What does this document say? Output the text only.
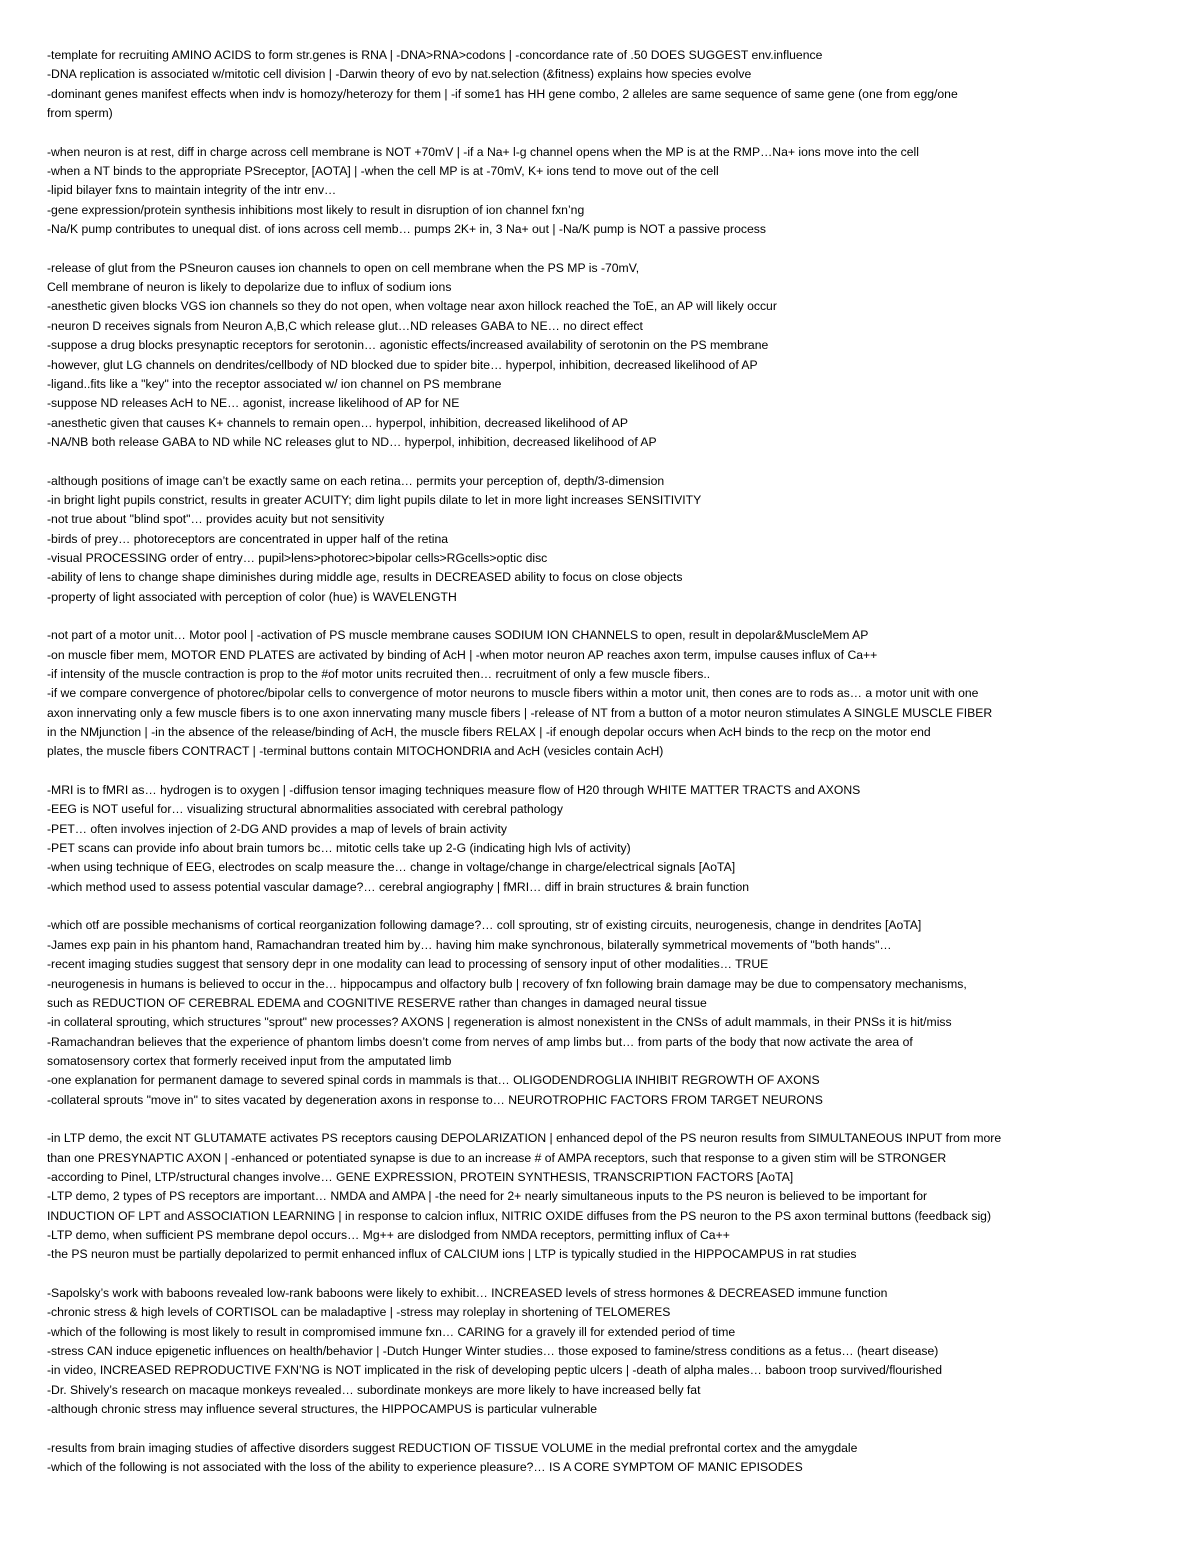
-template for recruiting AMINO ACIDS to form str.genes is RNA | -DNA>RNA>codons | -concordance rate of .50 DOES SUGGEST env.influence
-DNA replication is associated w/mitotic cell division | -Darwin theory of evo by nat.selection (&fitness) explains how species evolve
-dominant genes manifest effects when indv is homozy/heterozy for them | -if some1 has HH gene combo, 2 alleles are same sequence of same gene (one from egg/one
from sperm)
-when neuron is at rest, diff in charge across cell membrane is NOT +70mV | -if a Na+ l-g channel opens when the MP is at the RMP…Na+ ions move into the cell
-when a NT binds to the appropriate PSreceptor, [AOTA] | -when the cell MP is at -70mV, K+ ions tend to move out of the cell
-lipid bilayer fxns to maintain integrity of the intr env…
-gene expression/protein synthesis inhibitions most likely to result in disruption of ion channel fxn’ng
-Na/K pump contributes to unequal dist. of ions across cell memb… pumps 2K+ in, 3 Na+ out | -Na/K pump is NOT a passive process
-release of glut from the PSneuron causes ion channels to open on cell membrane when the PS MP is -70mV,
Cell membrane of neuron is likely to depolarize due to influx of sodium ions
-anesthetic given blocks VGS ion channels so they do not open, when voltage near axon hillock reached the ToE, an AP will likely occur
-neuron D receives signals from Neuron A,B,C which release glut…ND releases GABA to NE… no direct effect
-suppose a drug blocks presynaptic receptors for serotonin… agonistic effects/increased availability of serotonin on the PS membrane
-however, glut LG channels on dendrites/cellbody of ND blocked due to spider bite… hyperpol, inhibition, decreased likelihood of AP
-ligand..fits like a "key" into the receptor associated w/ ion channel on PS membrane
-suppose ND releases AcH to NE… agonist, increase likelihood of AP for NE
-anesthetic given that causes K+ channels to remain open… hyperpol, inhibition, decreased likelihood of AP
-NA/NB both release GABA to ND while NC releases glut to ND… hyperpol, inhibition, decreased likelihood of AP
-although positions of image can’t be exactly same on each retina… permits your perception of, depth/3-dimension
-in bright light pupils constrict, results in greater ACUITY; dim light pupils dilate to let in more light increases SENSITIVITY
-not true about "blind spot"… provides acuity but not sensitivity
-birds of prey… photoreceptors are concentrated in upper half of the retina
-visual PROCESSING order of entry… pupil>lens>photorec>bipolar cells>RGcells>optic disc
-ability of lens to change shape diminishes during middle age, results in DECREASED ability to focus on close objects
-property of light associated with perception of color (hue) is WAVELENGTH
-not part of a motor unit… Motor pool | -activation of PS muscle membrane causes SODIUM ION CHANNELS to open, result in depolar&MuscleMem AP
-on muscle fiber mem, MOTOR END PLATES are activated by binding of AcH | -when motor neuron AP reaches axon term, impulse causes influx of Ca++
-if intensity of the muscle contraction is prop to the #of motor units recruited then… recruitment of only a few muscle fibers..
-if we compare convergence of photorec/bipolar cells to convergence of motor neurons to muscle fibers within a motor unit, then cones are to rods as… a motor unit with one
axon innervating only a few muscle fibers is to one axon innervating many muscle fibers | -release of NT from a button of a motor neuron stimulates A SINGLE MUSCLE FIBER
in the NMjunction | -in the absence of the release/binding of AcH, the muscle fibers RELAX | -if enough depolar occurs when AcH binds to the recp on the motor end
plates, the muscle fibers CONTRACT | -terminal buttons contain MITOCHONDRIA and AcH (vesicles contain AcH)
-MRI is to fMRI as… hydrogen is to oxygen | -diffusion tensor imaging techniques measure flow of H20 through WHITE MATTER TRACTS and AXONS
-EEG is NOT useful for… visualizing structural abnormalities associated with cerebral pathology
-PET… often involves injection of 2-DG AND provides a map of levels of brain activity
-PET scans can provide info about brain tumors bc… mitotic cells take up 2-G (indicating high lvls of activity)
-when using technique of EEG, electrodes on scalp measure the… change in voltage/change in charge/electrical signals [AoTA]
-which method used to assess potential vascular damage?… cerebral angiography | fMRI… diff in brain structures & brain function
-which otf are possible mechanisms of cortical reorganization following damage?… coll sprouting, str of existing circuits, neurogenesis, change in dendrites [AoTA]
-James exp pain in his phantom hand, Ramachandran treated him by… having him make synchronous, bilaterally symmetrical movements of "both hands"…
-recent imaging studies suggest that sensory depr in one modality can lead to processing of sensory input of other modalities… TRUE
-neurogenesis in humans is believed to occur in the… hippocampus and olfactory bulb | recovery of fxn following brain damage may be due to compensatory mechanisms,
such as REDUCTION OF CEREBRAL EDEMA and COGNITIVE RESERVE rather than changes in damaged neural tissue
-in collateral sprouting, which structures "sprout" new processes? AXONS | regeneration is almost nonexistent in the CNSs of adult mammals, in their PNSs it is hit/miss
-Ramachandran believes that the experience of phantom limbs doesn’t come from nerves of amp limbs but… from parts of the body that now activate the area of
somatosensory cortex that formerly received input from the amputated limb
-one explanation for permanent damage to severed spinal cords in mammals is that… OLIGODENDROGLIA INHIBIT REGROWTH OF AXONS
-collateral sprouts "move in" to sites vacated by degeneration axons in response to… NEUROTROPHIC FACTORS FROM TARGET NEURONS
-in LTP demo, the excit NT GLUTAMATE activates PS receptors causing DEPOLARIZATION | enhanced depol of the PS neuron results from SIMULTANEOUS INPUT from more
than one PRESYNAPTIC AXON | -enhanced or potentiated synapse is due to an increase # of AMPA receptors, such that response to a given stim will be STRONGER
-according to Pinel, LTP/structural changes involve… GENE EXPRESSION, PROTEIN SYNTHESIS, TRANSCRIPTION FACTORS [AoTA]
-LTP demo, 2 types of PS receptors are important… NMDA and AMPA | -the need for 2+ nearly simultaneous inputs to the PS neuron is believed to be important for
INDUCTION OF LPT and ASSOCIATION LEARNING | in response to calcion influx, NITRIC OXIDE diffuses from the PS neuron to the PS axon terminal buttons (feedback sig)
-LTP demo, when sufficient PS membrane depol occurs… Mg++ are dislodged from NMDA receptors, permitting influx of Ca++
-the PS neuron must be partially depolarized to permit enhanced influx of CALCIUM ions | LTP is typically studied in the HIPPOCAMPUS in rat studies
-Sapolsky’s work with baboons revealed low-rank baboons were likely to exhibit… INCREASED levels of stress hormones & DECREASED immune function
-chronic stress & high levels of CORTISOL can be maladaptive | -stress may roleplay in shortening of TELOMERES
-which of the following is most likely to result in compromised immune fxn… CARING for a gravely ill for extended period of time
-stress CAN induce epigenetic influences on health/behavior | -Dutch Hunger Winter studies… those exposed to famine/stress conditions as a fetus… (heart disease)
-in video, INCREASED REPRODUCTIVE FXN’NG is NOT implicated in the risk of developing peptic ulcers | -death of alpha males… baboon troop survived/flourished
-Dr. Shively’s research on macaque monkeys revealed… subordinate monkeys are more likely to have increased belly fat
-although chronic stress may influence several structures, the HIPPOCAMPUS is particular vulnerable
-results from brain imaging studies of affective disorders suggest REDUCTION OF TISSUE VOLUME in the medial prefrontal cortex and the amygdale
-which of the following is not associated with the loss of the ability to experience pleasure?… IS A CORE SYMPTOM OF MANIC EPISODES
